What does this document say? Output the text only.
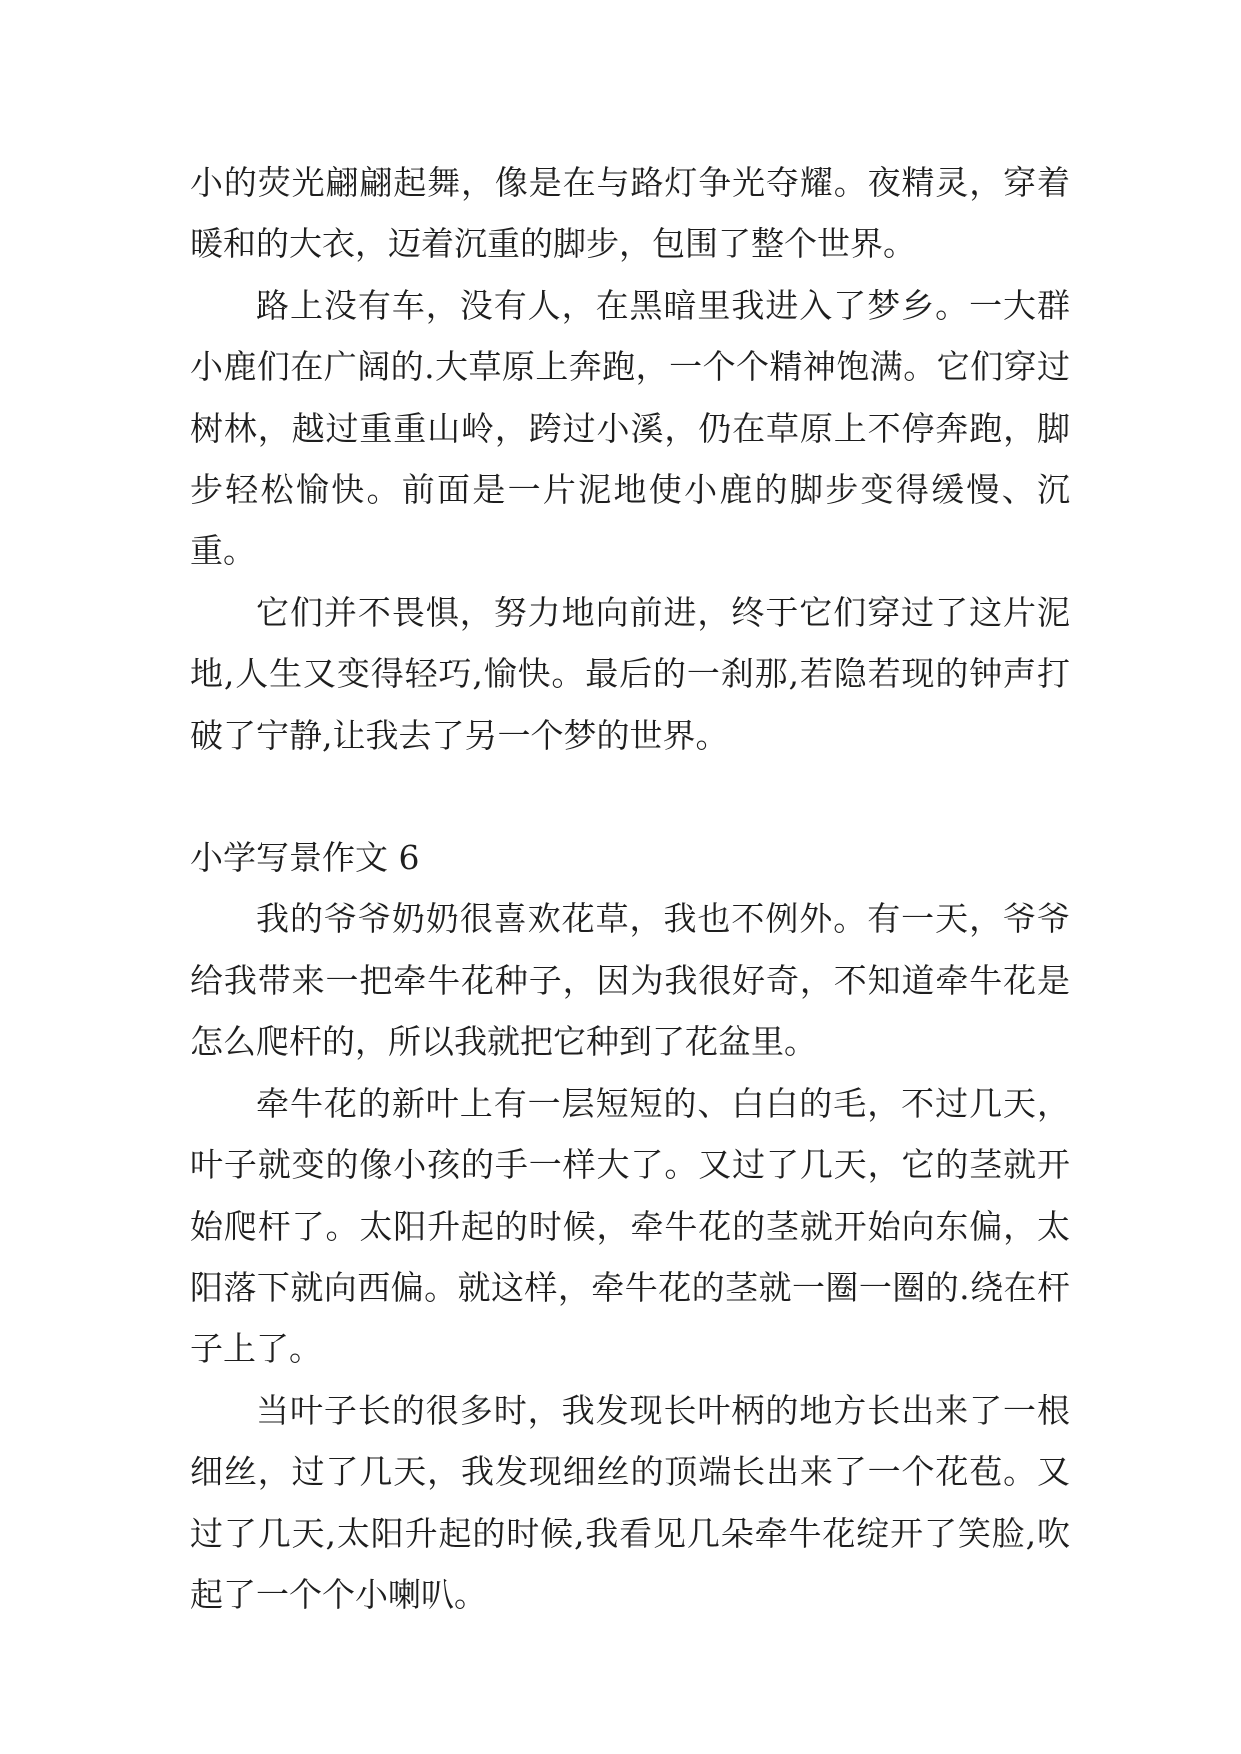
小的荧光翩翩起舞，像是在与路灯争光夺耀。夜精灵，穿着暖和的大衣，迈着沉重的脚步，包围了整个世界。

路上没有车，没有人，在黑暗里我进入了梦乡。一大群小鹿们在广阔的.大草原上奔跑，一个个精神饱满。它们穿过树林，越过重重山岭，跨过小溪，仍在草原上不停奔跑，脚步轻松愉快。前面是一片泥地使小鹿的脚步变得缓慢、沉重。

它们并不畏惧，努力地向前进，终于它们穿过了这片泥地,人生又变得轻巧,愉快。最后的一刹那,若隐若现的钟声打破了宁静,让我去了另一个梦的世界。

小学写景作文 6

我的爷爷奶奶很喜欢花草，我也不例外。有一天，爷爷给我带来一把牵牛花种子，因为我很好奇，不知道牵牛花是怎么爬杆的，所以我就把它种到了花盆里。

牵牛花的新叶上有一层短短的、白白的毛，不过几天，叶子就变的像小孩的手一样大了。又过了几天，它的茎就开始爬杆了。太阳升起的时候，牵牛花的茎就开始向东偏，太阳落下就向西偏。就这样，牵牛花的茎就一圈一圈的.绕在杆子上了。

当叶子长的很多时，我发现长叶柄的地方长出来了一根细丝，过了几天，我发现细丝的顶端长出来了一个花苞。又过了几天,太阳升起的时候,我看见几朵牵牛花绽开了笑脸,吹起了一个个小喇叭。
